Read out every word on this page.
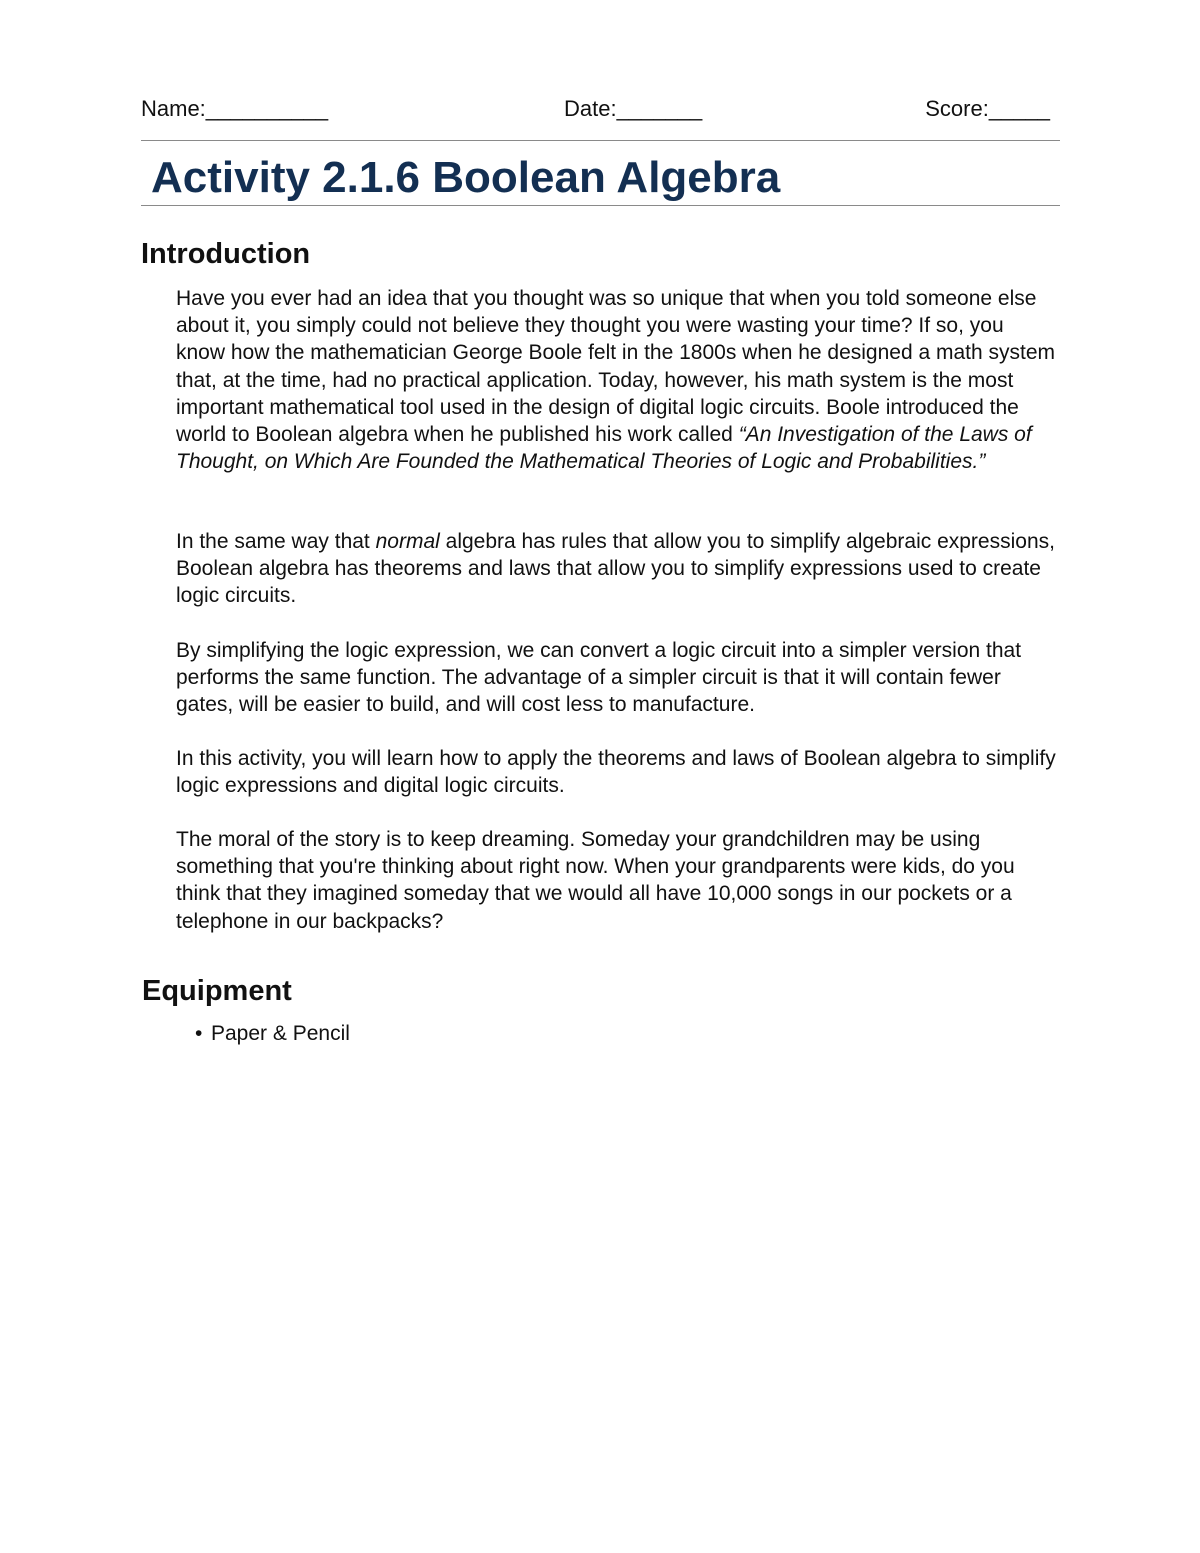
Name:__________	Date:_______	Score:_____
Activity 2.1.6 Boolean Algebra
Introduction

Have you ever had an idea that you thought was so unique that when you told someone else about it, you simply could not believe they thought you were wasting your time? If so, you know how the mathematician George Boole felt in the 1800s when he designed a math system that, at the time, had no practical application. Today, however, his math system is the most important mathematical tool used in the design of digital logic circuits. Boole introduced the world to Boolean algebra when he published his work called “An Investigation of the Laws of Thought, on Which Are Founded the Mathematical Theories of Logic and Probabilities.”

In the same way that normal algebra has rules that allow you to simplify algebraic expressions, Boolean algebra has theorems and laws that allow you to simplify expressions used to create logic circuits.

By simplifying the logic expression, we can convert a logic circuit into a simpler version that performs the same function. The advantage of a simpler circuit is that it will contain fewer gates, will be easier to build, and will cost less to manufacture.

In this activity, you will learn how to apply the theorems and laws of Boolean algebra to simplify logic expressions and digital logic circuits.

The moral of the story is to keep dreaming. Someday your grandchildren may be using something that you're thinking about right now. When your grandparents were kids, do you think that they imagined someday that we would all have 10,000 songs in our pockets or a telephone in our backpacks?

Equipment
• Paper & Pencil
